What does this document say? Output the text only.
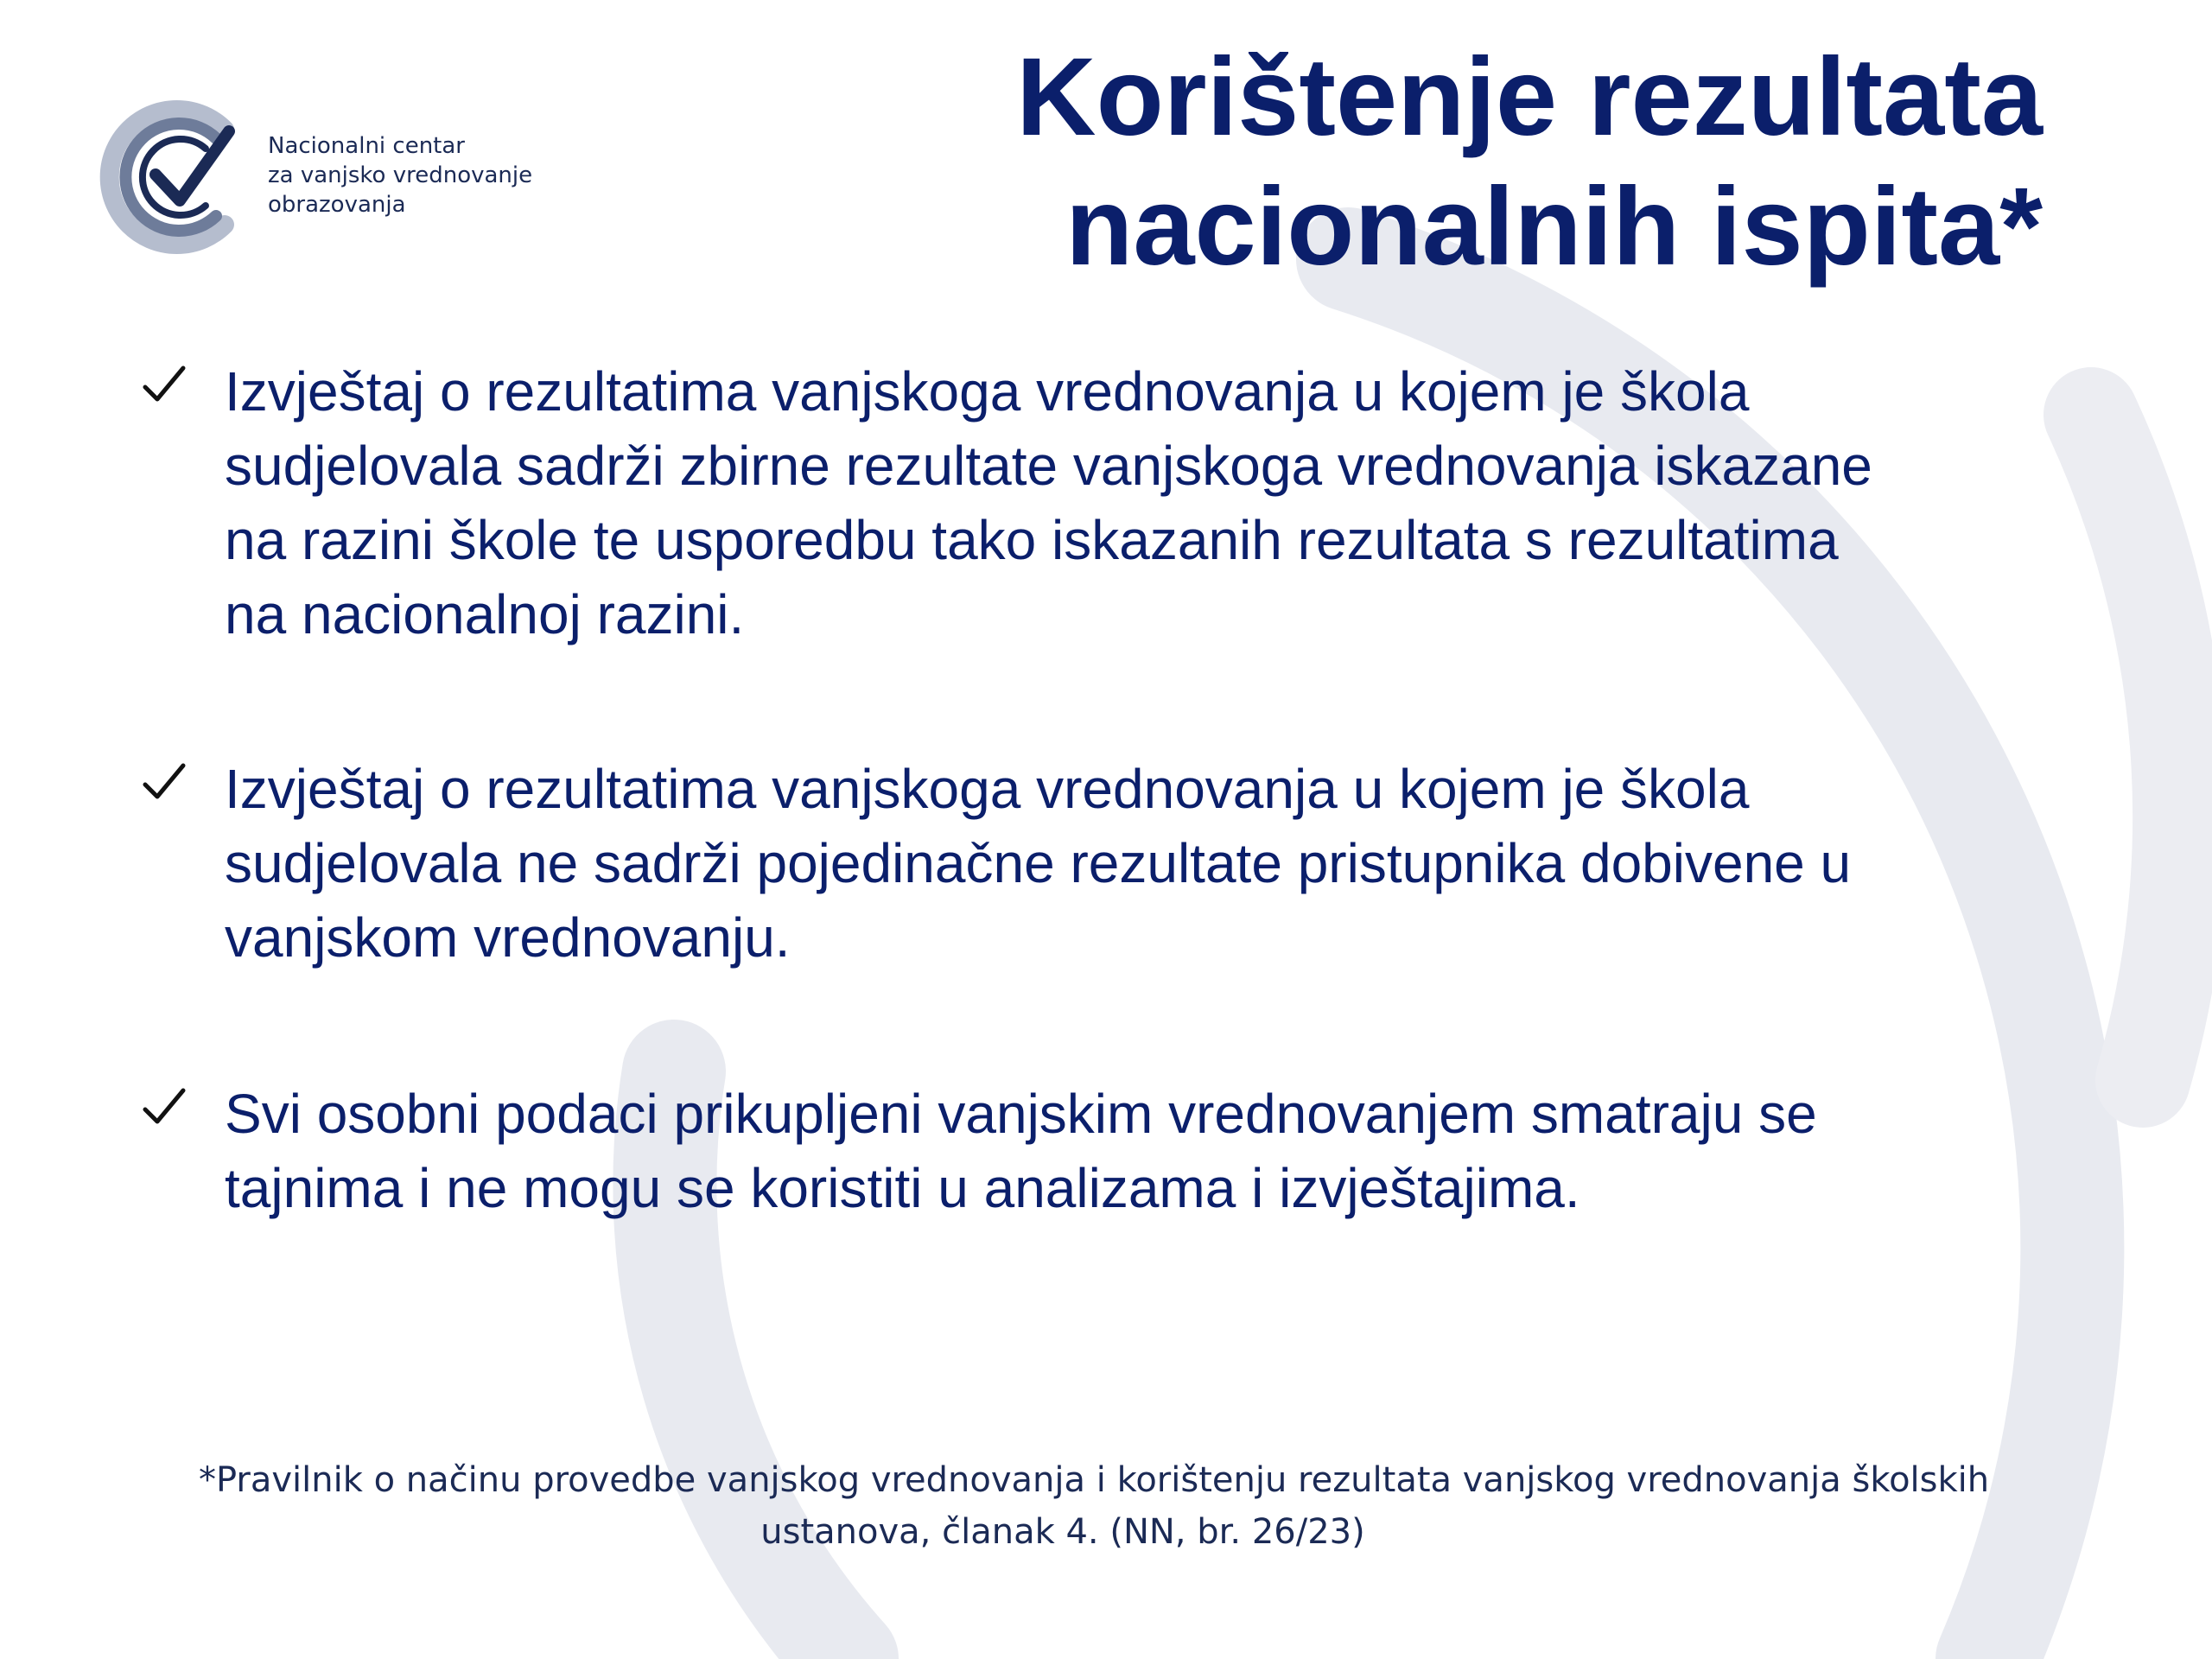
Nacionalni centar
za vanjsko vrednovanje
obrazovanja
Korištenje rezultata
nacionalnih ispita*
Izvještaj o rezultatima vanjskoga vrednovanja u kojem je škola
sudjelovala sadrži zbirne rezultate vanjskoga vrednovanja iskazane
na razini škole te usporedbu tako iskazanih rezultata s rezultatima
na nacionalnoj razini.
Izvještaj o rezultatima vanjskoga vrednovanja u kojem je škola
sudjelovala ne sadrži pojedinačne rezultate pristupnika dobivene u
vanjskom vrednovanju.
Svi osobni podaci prikupljeni vanjskim vrednovanjem smatraju se
tajnima i ne mogu se koristiti u analizama i izvještajima.
*Pravilnik o načinu provedbe vanjskog vrednovanja i korištenju rezultata vanjskog vrednovanja školskih
ustanova, članak 4. (NN, br. 26/23)
